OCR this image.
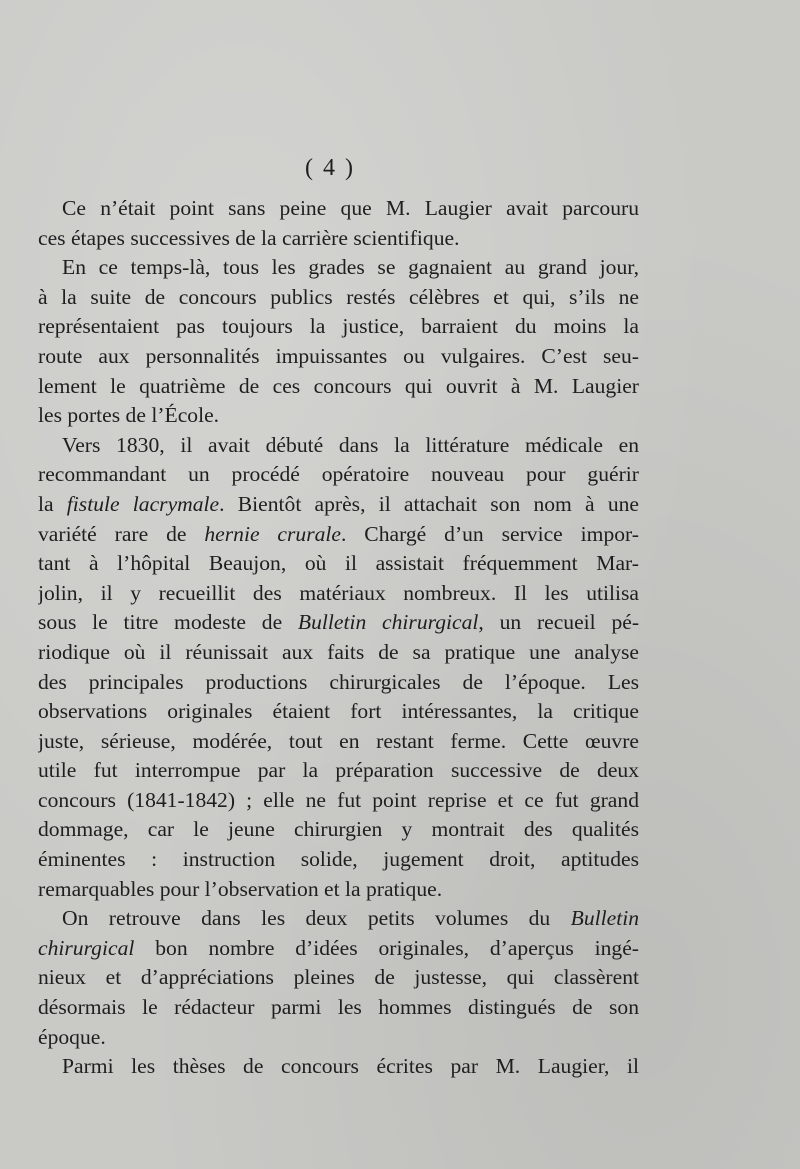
( 4 )
Ce n’était point sans peine que M. Laugier avait parcouru
ces étapes successives de la carrière scientifique.
En ce temps-là, tous les grades se gagnaient au grand jour,
à la suite de concours publics restés célèbres et qui, s’ils ne
représentaient pas toujours la justice, barraient du moins la
route aux personnalités impuissantes ou vulgaires. C’est seu-
lement le quatrième de ces concours qui ouvrit à M. Laugier
les portes de l’École.
Vers 1830, il avait débuté dans la littérature médicale en
recommandant un procédé opératoire nouveau pour guérir
la fistule lacrymale. Bientôt après, il attachait son nom à une
variété rare de hernie crurale. Chargé d’un service impor-
tant à l’hôpital Beaujon, où il assistait fréquemment Mar-
jolin, il y recueillit des matériaux nombreux. Il les utilisa
sous le titre modeste de Bulletin chirurgical, un recueil pé-
riodique où il réunissait aux faits de sa pratique une analyse
des principales productions chirurgicales de l’époque. Les
observations originales étaient fort intéressantes, la critique
juste, sérieuse, modérée, tout en restant ferme. Cette œuvre
utile fut interrompue par la préparation successive de deux
concours (1841-1842) ; elle ne fut point reprise et ce fut grand
dommage, car le jeune chirurgien y montrait des qualités
éminentes : instruction solide, jugement droit, aptitudes
remarquables pour l’observation et la pratique.
On retrouve dans les deux petits volumes du Bulletin
chirurgical bon nombre d’idées originales, d’aperçus ingé-
nieux et d’appréciations pleines de justesse, qui classèrent
désormais le rédacteur parmi les hommes distingués de son
époque.
Parmi les thèses de concours écrites par M. Laugier, il
